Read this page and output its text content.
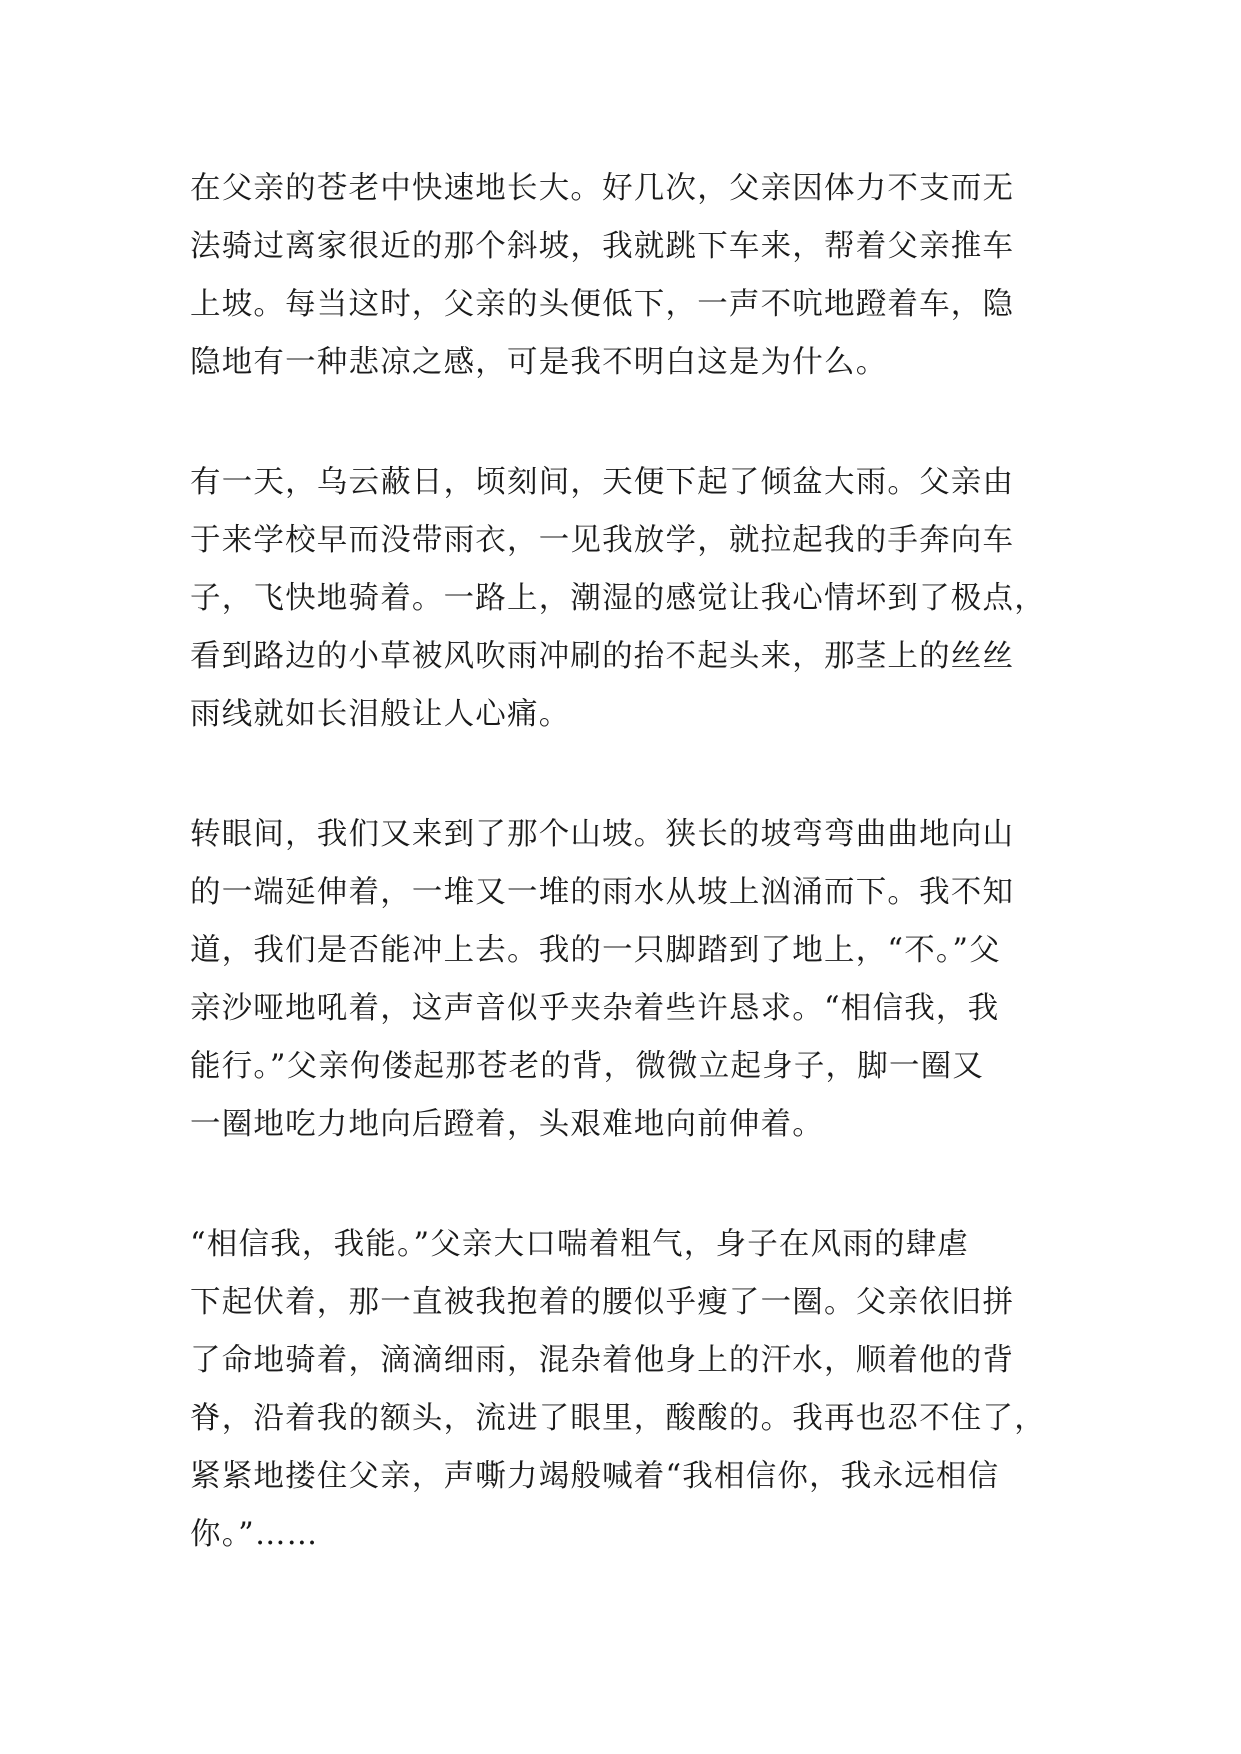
在父亲的苍老中快速地长大。好几次，父亲因体力不支而无
法骑过离家很近的那个斜坡，我就跳下车来，帮着父亲推车
上坡。每当这时，父亲的头便低下，一声不吭地蹬着车，隐
隐地有一种悲凉之感，可是我不明白这是为什么。
有一天，乌云蔽日，顷刻间，天便下起了倾盆大雨。父亲由
于来学校早而没带雨衣，一见我放学，就拉起我的手奔向车
子，飞快地骑着。一路上，潮湿的感觉让我心情坏到了极点，
看到路边的小草被风吹雨冲刷的抬不起头来，那茎上的丝丝
雨线就如长泪般让人心痛。
转眼间，我们又来到了那个山坡。狭长的坡弯弯曲曲地向山
的一端延伸着，一堆又一堆的雨水从坡上汹涌而下。我不知
道，我们是否能冲上去。我的一只脚踏到了地上，“不。”父
亲沙哑地吼着，这声音似乎夹杂着些许恳求。“相信我，我
能行。”父亲佝偻起那苍老的背，微微立起身子，脚一圈又
一圈地吃力地向后蹬着，头艰难地向前伸着。
“相信我，我能。”父亲大口喘着粗气，身子在风雨的肆虐
下起伏着，那一直被我抱着的腰似乎瘦了一圈。父亲依旧拼
了命地骑着，滴滴细雨，混杂着他身上的汗水，顺着他的背
脊，沿着我的额头，流进了眼里，酸酸的。我再也忍不住了，
紧紧地搂住父亲，声嘶力竭般喊着“我相信你，我永远相信
你。”……
